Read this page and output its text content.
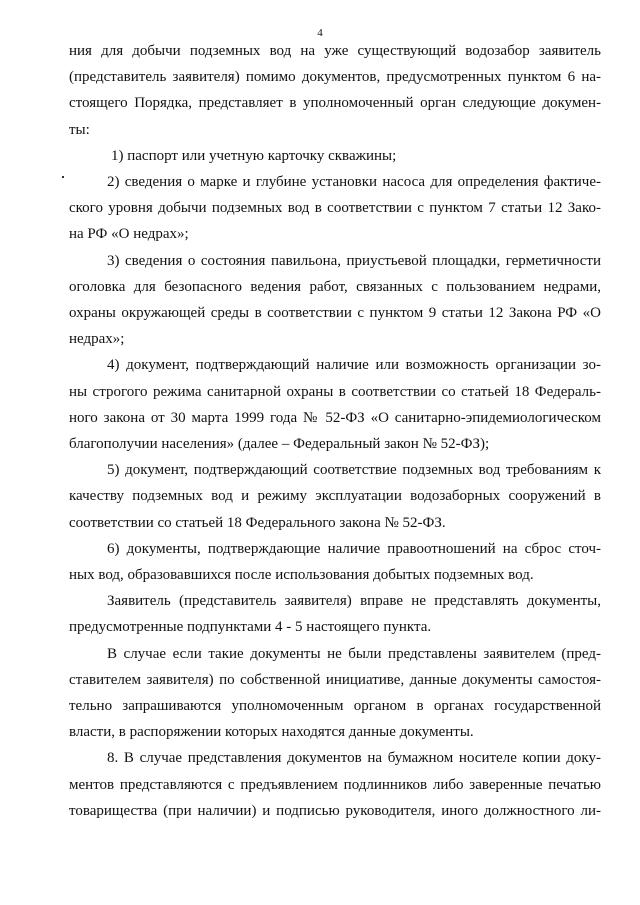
4

ния для добычи подземных вод на уже существующий водозабор заявитель

(представитель заявителя) помимо документов, предусмотренных пунктом 6 на-

стоящего Порядка, представляет в уполномоченный орган следующие докумен-

ты:

1) паспорт или учетную карточку скважины;

2) сведения о марке и глубине установки насоса для определения фактиче-

ского уровня добычи подземных вод в соответствии с пунктом 7 статьи 12 Зако-

на РФ «О недрах»;

3) сведения о состояния павильона, приустьевой площадки, герметичности

оголовка для безопасного ведения работ, связанных с пользованием недрами,

охраны окружающей среды в соответствии с пунктом 9 статьи 12 Закона РФ «О

недрах»;

4) документ, подтверждающий наличие или возможность организации зо-

ны строгого режима санитарной охраны в соответствии со статьей 18 Федераль-

ного закона от 30 марта 1999 года № 52-ФЗ «О санитарно-эпидемиологическом

благополучии населения» (далее – Федеральный закон № 52-ФЗ);

5) документ, подтверждающий соответствие подземных вод требованиям к

качеству подземных вод и режиму эксплуатации водозаборных сооружений в

соответствии со статьей 18 Федерального закона № 52-ФЗ.

6) документы, подтверждающие наличие правоотношений на сброс сточ-

ных вод, образовавшихся после использования добытых подземных вод.

Заявитель (представитель заявителя) вправе не представлять документы,

предусмотренные подпунктами 4 - 5 настоящего пункта.

В случае если такие документы не были представлены заявителем (пред-

ставителем заявителя) по собственной инициативе, данные документы самостоя-

тельно запрашиваются уполномоченным органом в органах государственной

власти, в распоряжении которых находятся данные документы.

8. В случае представления документов на бумажном носителе копии доку-

ментов представляются с предъявлением подлинников либо заверенные печатью

товарищества (при наличии) и подписью руководителя, иного должностного ли-
